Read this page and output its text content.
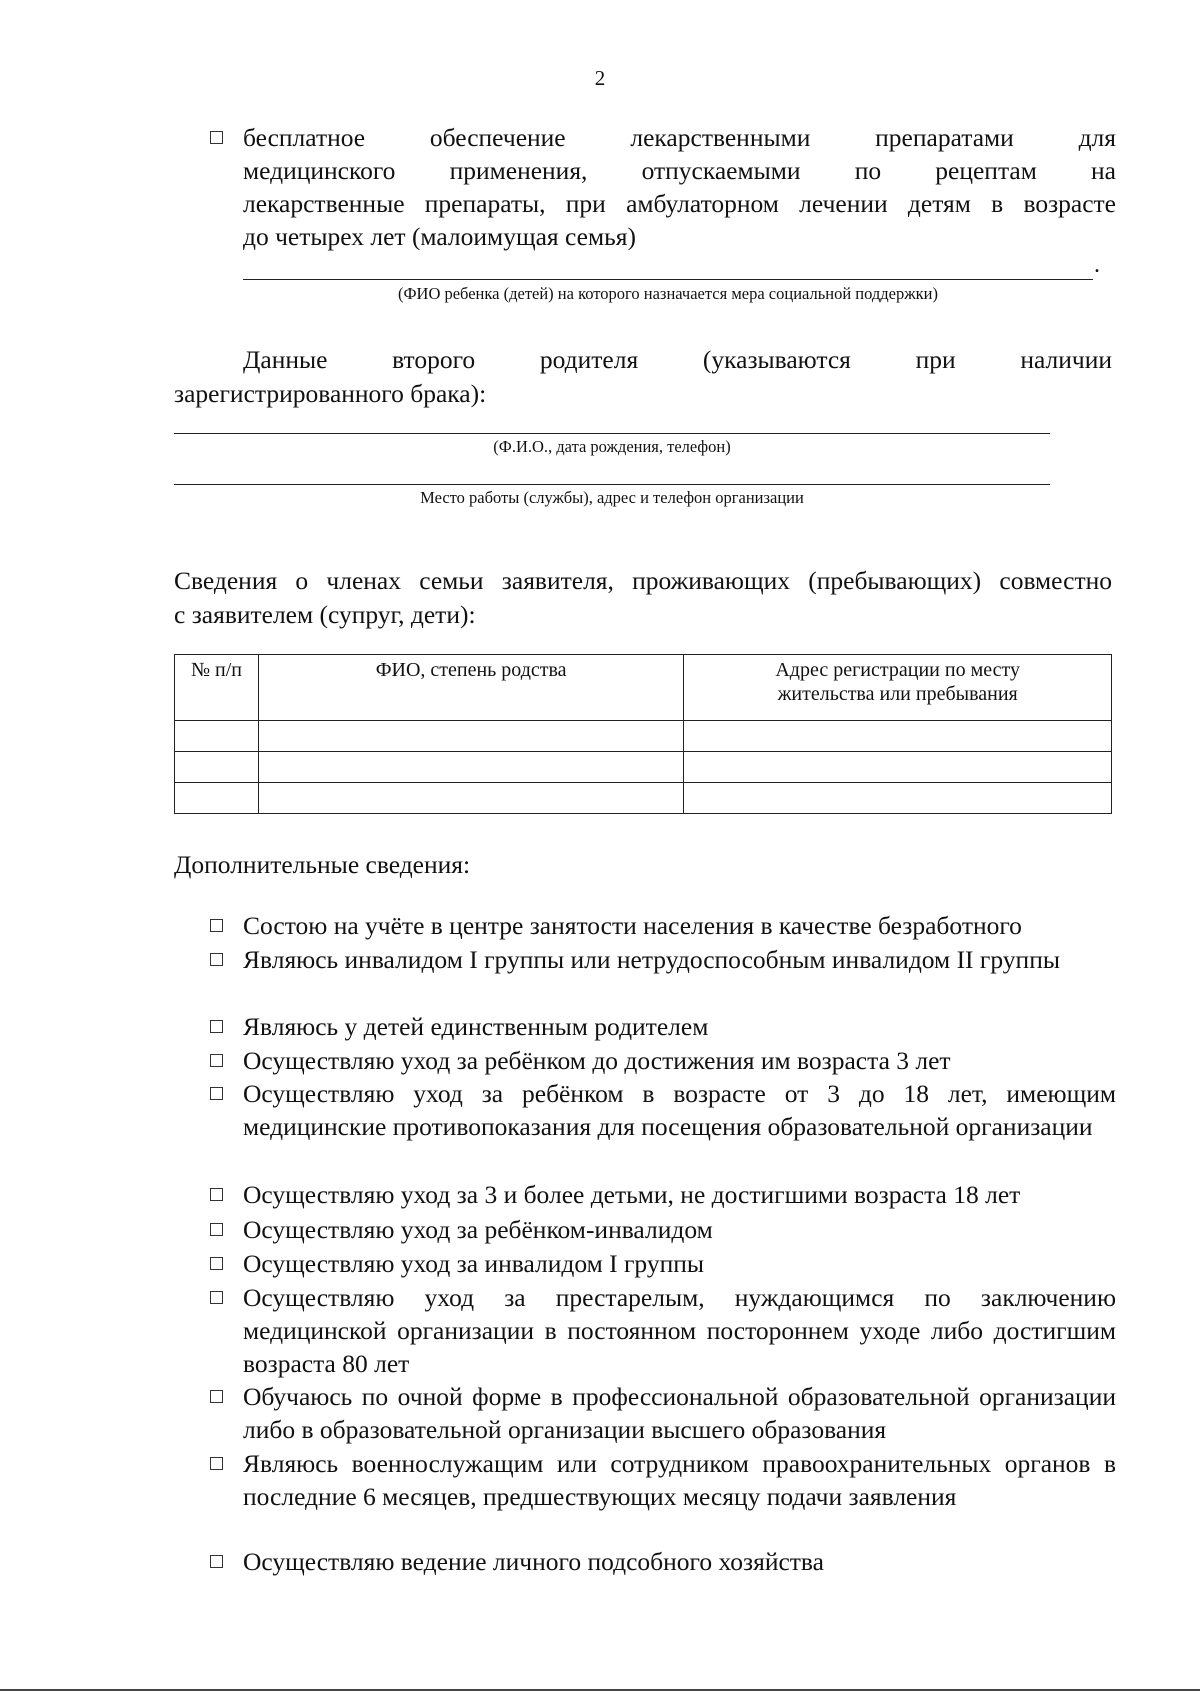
2
бесплатное обеспечение лекарственными препаратами для
медицинского применения, отпускаемыми по рецептам на
лекарственные препараты, при амбулаторном лечении детям в возрасте
до четырех лет (малоимущая семья)
.
(ФИО ребенка (детей) на которого назначается мера социальной поддержки)
Данные второго родителя (указываются при наличии
зарегистрированного брака):
(Ф.И.О., дата рождения, телефон)
Место работы (службы), адрес и телефон организации
Сведения о членах семьи заявителя, проживающих (пребывающих) совместно
с заявителем (супруг, дети):
№ п/п	ФИО, степень родства	Адрес регистрации по месту жительства или пребывания

Дополнительные сведения:
Состою на учёте в центре занятости населения в качестве безработного
Являюсь инвалидом I группы или нетрудоспособным инвалидом II группы
Являюсь у детей единственным родителем
Осуществляю уход за ребёнком до достижения им возраста 3 лет
Осуществляю уход за ребёнком в возрасте от 3 до 18 лет, имеющим медицинские противопоказания для посещения образовательной организации
Осуществляю уход за 3 и более детьми, не достигшими возраста 18 лет
Осуществляю уход за ребёнком-инвалидом
Осуществляю уход за инвалидом I группы
Осуществляю уход за престарелым, нуждающимся по заключению медицинской организации в постоянном постороннем уходе либо достигшим возраста 80 лет
Обучаюсь по очной форме в профессиональной образовательной организации либо в образовательной организации высшего образования
Являюсь военнослужащим или сотрудником правоохранительных органов в последние 6 месяцев, предшествующих месяцу подачи заявления
Осуществляю ведение личного подсобного хозяйства
